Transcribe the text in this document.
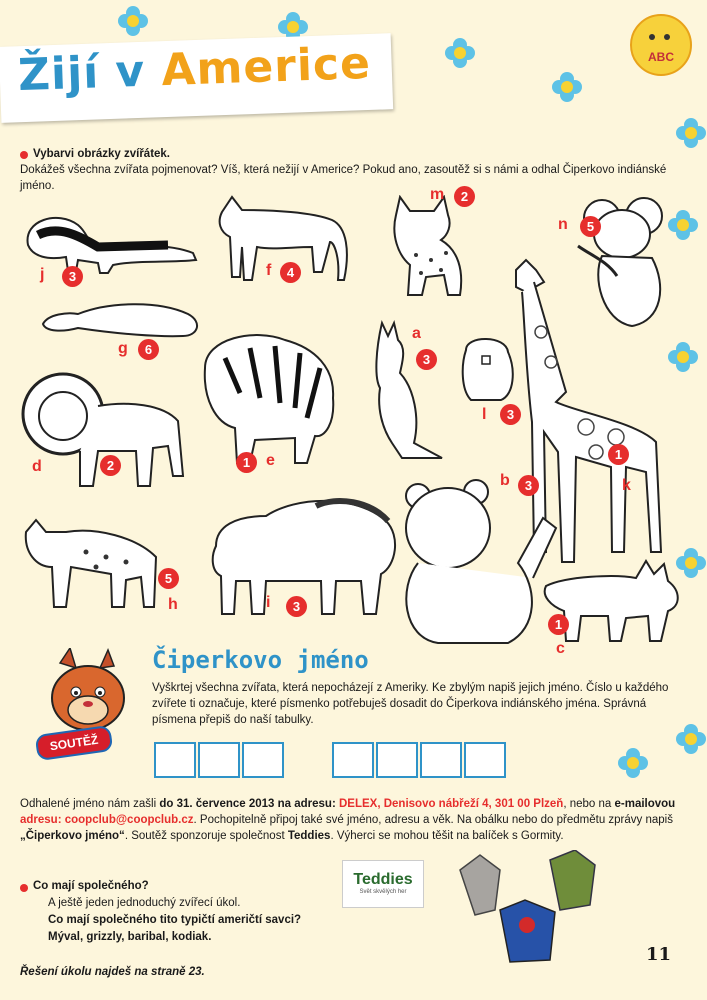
ABC
Žijí v Americe
Vybarvi obrázky zvířátek.
Dokážeš všechna zvířata pojmenovat? Víš, která nežijí v Americe? Pokud ano, zasoutěž si s námi a odhal Čiperkovo indiánské jméno.
j	3	f	4
m	2
n	5
g	6
a
3
l	3
d	2	1 e
b	3
1
k
5
h	i	3
1
c
SOUTĚŽ
Čiperkovo jméno
Vyškrtej všechna zvířata, která nepocházejí z Ameriky. Ke zbylým napiš jejich jméno. Číslo u každého zvířete ti označuje, které písmenko potřebuješ dosadit do Čiperkova indiánského jména. Správná písmena přepiš do naší tabulky.
Odhalené jméno nám zašli do 31. července 2013 na adresu: DELEX, Denisovo nábřeží 4, 301 00 Plzeň, nebo na e-mailovou adresu: coopclub@coopclub.cz. Pochopitelně připoj také své jméno, adresu a věk. Na obálku nebo do předmětu zprávy napiš „Čiperkovo jméno“. Soutěž sponzoruje společnost Teddies. Výherci se mohou těšit na balíček s Gormity.
Co mají společného?
A ještě jeden jednoduchý zvířecí úkol.
Co mají společného tito typičtí američtí savci?
Mýval, grizzly, baribal, kodiak.
Teddies
Svět skvělých her
Řešení úkolu najdeš na straně 23.
11
